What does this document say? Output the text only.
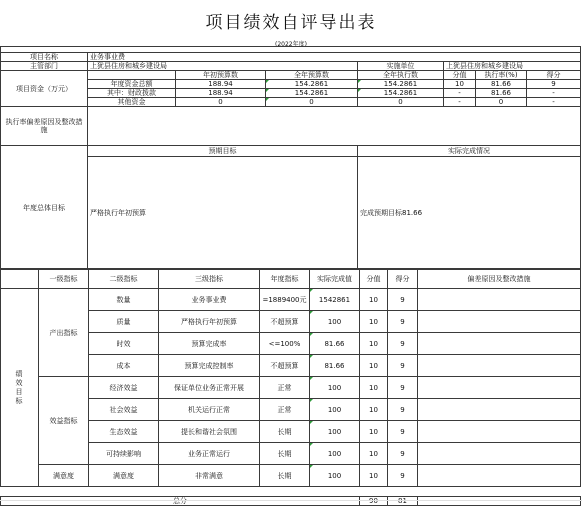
项目绩效自评导出表
(2022年度)

项目名称	业务事业费						
主管部门	上犹县住房和城乡建设局			实施单位	上犹县住房和城乡建设局		
项目资金（万元）		年初预算数	全年预算数	全年执行数	分值	执行率(%)	得分
	年度资金总额	188.94	154.2861	154.2861	10	81.66	9
	其中：财政拨款	188.94	154.2861	154.2861	-	81.66	-
	其他资金	0	0	0	-	0	-
执行率偏差原因及整改措施							
年度总体目标	预期目标			实际完成情况			
	严格执行年初预算			完成预期目标81.66			
	一级指标	二级指标	三级指标	年度指标	实际完成值	分值	得分	偏差原因及整改措施
绩
效
目
标	产出指标	数量	业务事业费	=1889400元	1542861	10	9	
		质量	严格执行年初预算	不超预算	100	10	9	
		时效	预算完成率	<=100%	81.66	10	9	
		成本	预算完成控制率	不超预算	81.66	10	9	
	效益指标	经济效益	保证单位业务正常开展	正常	100	10	9	
		社会效益	机关运行正常	正常	100	10	9	
		生态效益	提长和谐社会氛围	长期	100	10	9	
		可持续影响	业务正常运行	长期	100	10	9	
	满意度	满意度	非常满意	长期	100	10	9	

总分						90	81	
